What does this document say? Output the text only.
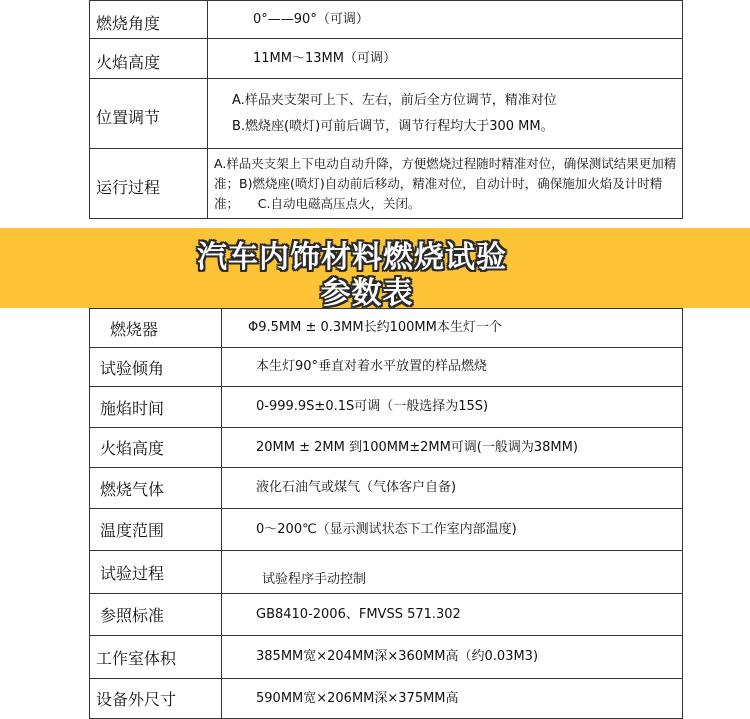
燃烧角度	0°——90°（可调）
火焰高度	11MM～13MM（可调）
位置调节	A.样品夹支架可上下、左右，前后全方位调节，精准对位
B.燃烧座(喷灯)可前后调节，调节行程均大于300 MM。

运行过程	A.样品夹支架上下电动自动升降，方便燃烧过程随时精准对位，确保测试结果更加精准；B)燃烧座(喷灯)自动前后移动，精准对位，自动计时，确保施加火焰及计时精准；　　C.自动电磁高压点火，关闭。
汽车内饰材料燃烧试验
参数表
燃烧器	Φ9.5MM ± 0.3MM长约100MM本生灯一个
试验倾角	本生灯90°垂直对着水平放置的样品燃烧
施焰时间	0-999.9S±0.1S可调（一般选择为15S)
火焰高度	20MM ± 2MM 到100MM±2MM可调(一般调为38MM)
燃烧气体	液化石油气或煤气（气体客户自备)
温度范围	0～200℃（显示测试状态下工作室内部温度)
试验过程	试验程序手动控制
参照标准	GB8410-2006、FMVSS 571.302
工作室体积	385MM宽×204MM深×360MM高（约0.03M3)
设备外尺寸	590MM宽×206MM深×375MM高
